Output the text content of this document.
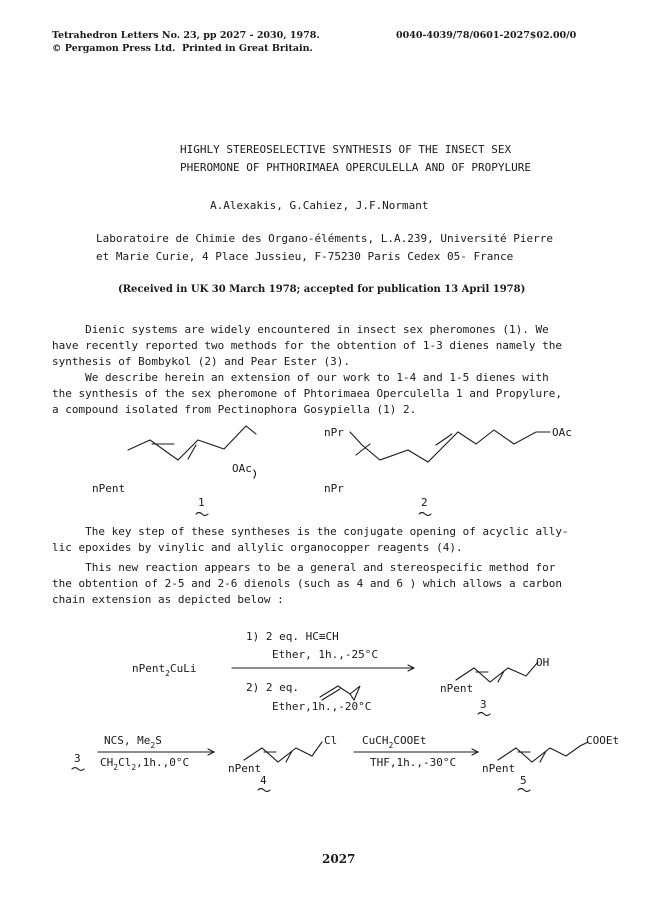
Tetrahedron Letters No. 23, pp 2027 - 2030, 1978.
© Pergamon Press Ltd.  Printed in Great Britain.
0040-4039/78/0601-2027$02.00/0
HIGHLY STEREOSELECTIVE SYNTHESIS OF THE INSECT SEX
PHEROMONE OF PHTHORIMAEA OPERCULELLA AND OF PROPYLURE
A.Alexakis, G.Cahiez, J.F.Normant
Laboratoire de Chimie des Organo-éléments, L.A.239, Université Pierre
et Marie Curie, 4 Place Jussieu, F-75230 Paris Cedex 05- France
(Received in UK 30 March 1978; accepted for publication 13 April 1978)
Dienic systems are widely encountered in insect sex pheromones (1). We
have recently reported two methods for the obtention of 1-3 dienes namely the
synthesis of Bombykol (2) and Pear Ester (3).
We describe herein an extension of our work to 1-4 and 1-5 dienes with
the synthesis of the sex pheromone of Phtorimaea Operculella 1 and Propylure,
a compound isolated from Pectinophora Gosypiella (1) 2.
The key step of these syntheses is the conjugate opening of acyclic ally-
lic epoxides by vinylic and allylic organocopper reagents (4).
This new reaction appears to be a general and stereospecific method for
the obtention of 2-5 and 2-6 dienols (such as 4 and 6 ) which allows a carbon
chain extension as depicted below :
nPent
OAc
1
nPr
nPr
OAc
2
nPent$_2$CuLi
1) 2 eq. HC≡CH
Ether, 1h.,-25°C
2) 2 eq.
Ether,1h.,-20°C
nPent
OH
3
3
NCS, $Me_2S$
$CH_2Cl_2,1h.,0^\circ C$	nPent
Cl
4
CuCH$_2$COOEt
THF,1h.,-30°C nPent
COOEt
5
2027
